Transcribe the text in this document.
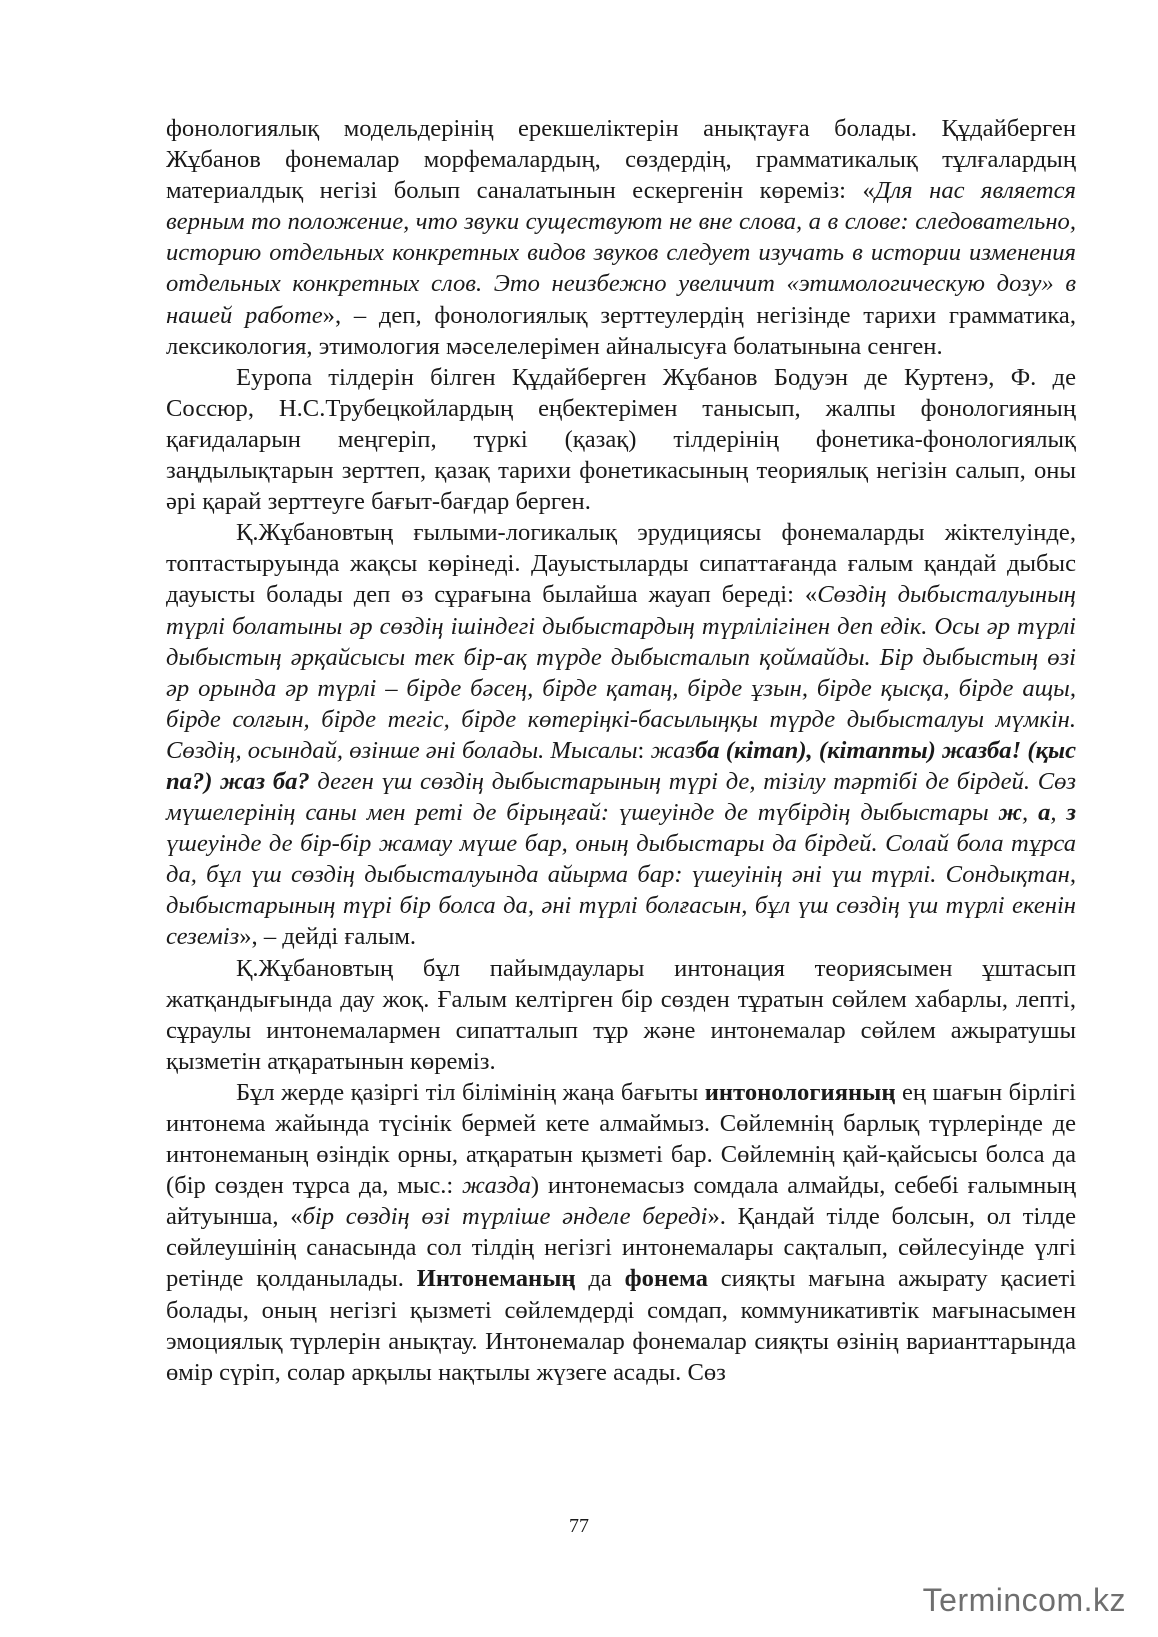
фонологиялық модельдерінің ерекшеліктерін анықтауға болады. Құдайберген Жұбанов фонемалар морфемалардың, сөздердің, грамматикалық тұлғалардың материалдық негізі болып саналатынын ескергенін көреміз: «Для нас является верным то положение, что звуки существуют не вне слова, а в слове: следовательно, историю отдельных конкретных видов звуков следует изучать в истории изменения отдельных конкретных слов. Это неизбежно увеличит «этимологическую дозу» в нашей работе», – деп, фонологиялық зерттеулердің негізінде тарихи грамматика, лексикология, этимология мәселелерімен айналысуға болатынына сенген.

Еуропа тілдерін білген Құдайберген Жұбанов Бодуэн де Куртенэ, Ф. де Соссюр, Н.С.Трубецкойлардың еңбектерімен танысып, жалпы фонологияның қағидаларын меңгеріп, түркі (қазақ) тілдерінің фонетика-фонологиялық заңдылықтарын зерттеп, қазақ тарихи фонетикасының теориялық негізін салып, оны әрі қарай зерттеуге бағыт-бағдар берген.

Қ.Жұбановтың ғылыми-логикалық эрудициясы фонемаларды жіктелуінде, топтастыруында жақсы көрінеді. Дауыстыларды сипаттағанда ғалым қандай дыбыс дауысты болады деп өз сұрағына былайша жауап береді: «Сөздің дыбысталуының түрлі болатыны әр сөздің ішіндегі дыбыстардың түрлілігінен деп едік. Осы әр түрлі дыбыстың әрқайсысы тек бір-ақ түрде дыбысталып қоймайды. Бір дыбыстың өзі әр орында әр түрлі – бірде бәсең, бірде қатаң, бірде ұзын, бірде қысқа, бірде ащы, бірде солғын, бірде тегіс, бірде көтеріңкі-басылыңқы түрде дыбысталуы мүмкін. Сөздің, осындай, өзінше әні болады. Мысалы: жазба (кітап), (кітапты) жазба! (қыс па?) жаз ба? деген үш сөздің дыбыстарының түрі де, тізілу тәртібі де бірдей. Сөз мүшелерінің саны мен реті де бірыңғай: үшеуінде де түбірдің дыбыстары ж, а, з үшеуінде де бір-бір жамау мүше бар, оның дыбыстары да бірдей. Солай бола тұрса да, бұл үш сөздің дыбысталуында айырма бар: үшеуінің әні үш түрлі. Сондықтан, дыбыстарының түрі бір болса да, әні түрлі болғасын, бұл үш сөздің үш түрлі екенін сеземіз», – дейді ғалым.

Қ.Жұбановтың бұл пайымдаулары интонация теориясымен ұштасып жатқандығында дау жоқ. Ғалым келтірген бір сөзден тұратын сөйлем хабарлы, лепті, сұраулы интонемалармен сипатталып тұр және интонемалар сөйлем ажыратушы қызметін атқаратынын көреміз.

Бұл жерде қазіргі тіл білімінің жаңа бағыты интонологияның ең шағын бірлігі интонема жайында түсінік бермей кете алмаймыз. Сөйлемнің барлық түрлерінде де интонеманың өзіндік орны, атқаратын қызметі бар. Сөйлемнің қай-қайсысы болса да (бір сөзден тұрса да, мыс.: жазда) интонемасыз сомдала алмайды, себебі ғалымның айтуынша, «бір сөздің өзі түрліше әнделе береді». Қандай тілде болсын, ол тілде сөйлеушінің санасында сол тілдің негізгі интонемалары сақталып, сөйлесуінде үлгі ретінде қолданылады. Интонеманың да фонема сияқты мағына ажырату қасиеті болады, оның негізгі қызметі сөйлемдерді сомдап, коммуникативтік мағынасымен эмоциялық түрлерін анықтау. Интонемалар фонемалар сияқты өзінің варианттарында өмір сүріп, солар арқылы нақтылы жүзеге асады. Сөз

77
Termincom.kz
